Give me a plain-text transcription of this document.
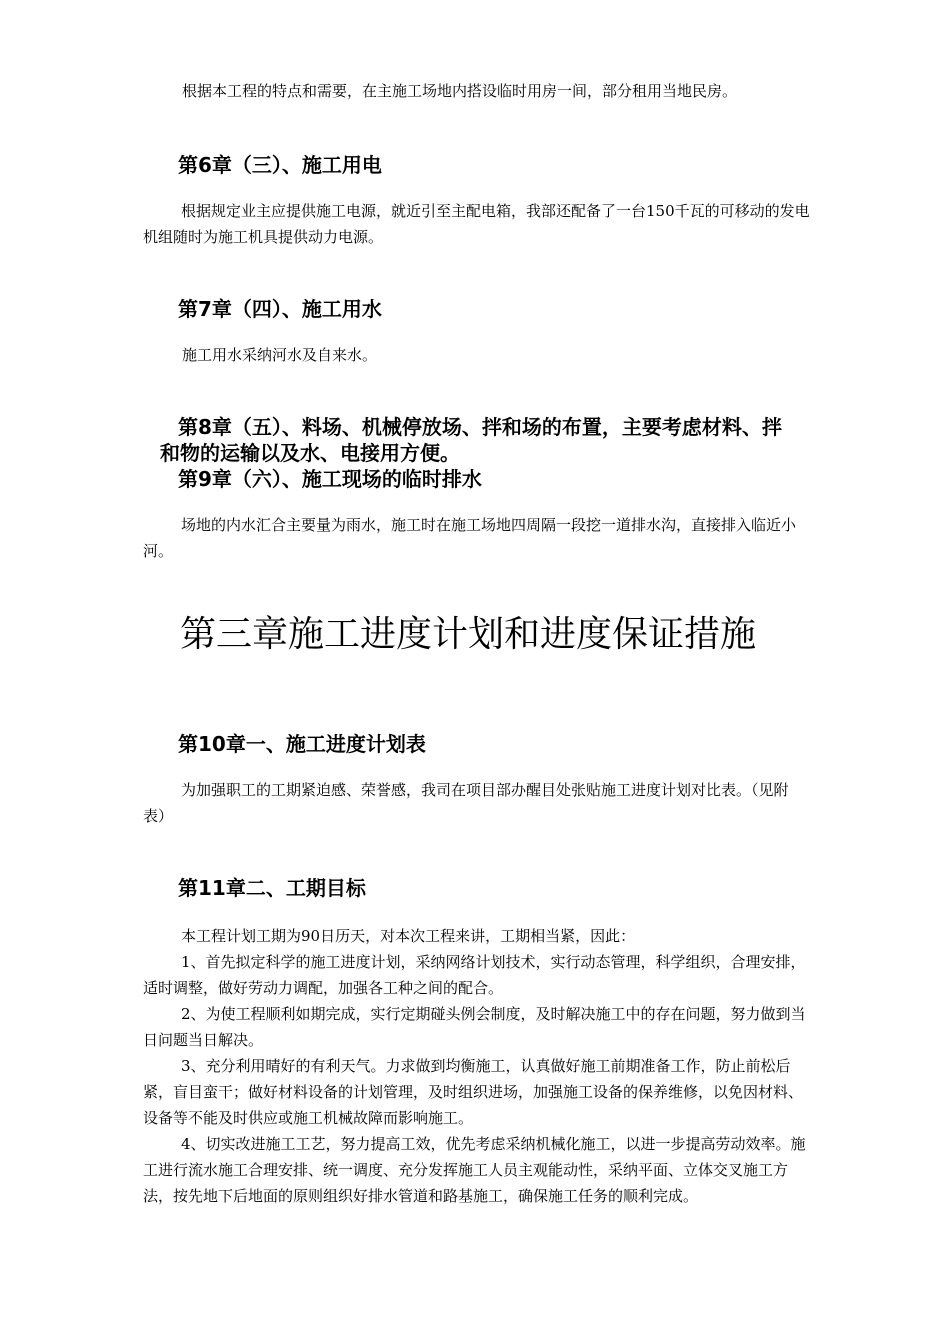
根据本工程的特点和需要，在主施工场地内搭设临时用房一间，部分租用当地民房。
第6章（三）、施工用电
根据规定业主应提供施工电源，就近引至主配电箱，我部还配备了一台150千瓦的可移动的发电机组随时为施工机具提供动力电源。
第7章（四）、施工用水
施工用水采纳河水及自来水。
第8章（五）、料场、机械停放场、拌和场的布置，主要考虑材料、拌和物的运输以及水、电接用方便。
第9章（六）、施工现场的临时排水
场地的内水汇合主要量为雨水，施工时在施工场地四周隔一段挖一道排水沟，直接排入临近小河。
第三章施工进度计划和进度保证措施
第10章一、施工进度计划表
为加强职工的工期紧迫感、荣誉感，我司在项目部办醒目处张贴施工进度计划对比表。（见附表）
第11章二、工期目标
本工程计划工期为90日历天，对本次工程来讲，工期相当紧，因此：
1、首先拟定科学的施工进度计划，采纳网络计划技术，实行动态管理，科学组织，合理安排，适时调整，做好劳动力调配，加强各工种之间的配合。
2、为使工程顺利如期完成，实行定期碰头例会制度，及时解决施工中的存在问题，努力做到当日问题当日解决。
3、充分利用晴好的有利天气。力求做到均衡施工，认真做好施工前期准备工作，防止前松后紧，盲目蛮干；做好材料设备的计划管理，及时组织进场，加强施工设备的保养维修，以免因材料、设备等不能及时供应或施工机械故障而影响施工。
4、切实改进施工工艺，努力提高工效，优先考虑采纳机械化施工，以进一步提高劳动效率。施工进行流水施工合理安排、统一调度、充分发挥施工人员主观能动性，采纳平面、立体交叉施工方法，按先地下后地面的原则组织好排水管道和路基施工，确保施工任务的顺利完成。
